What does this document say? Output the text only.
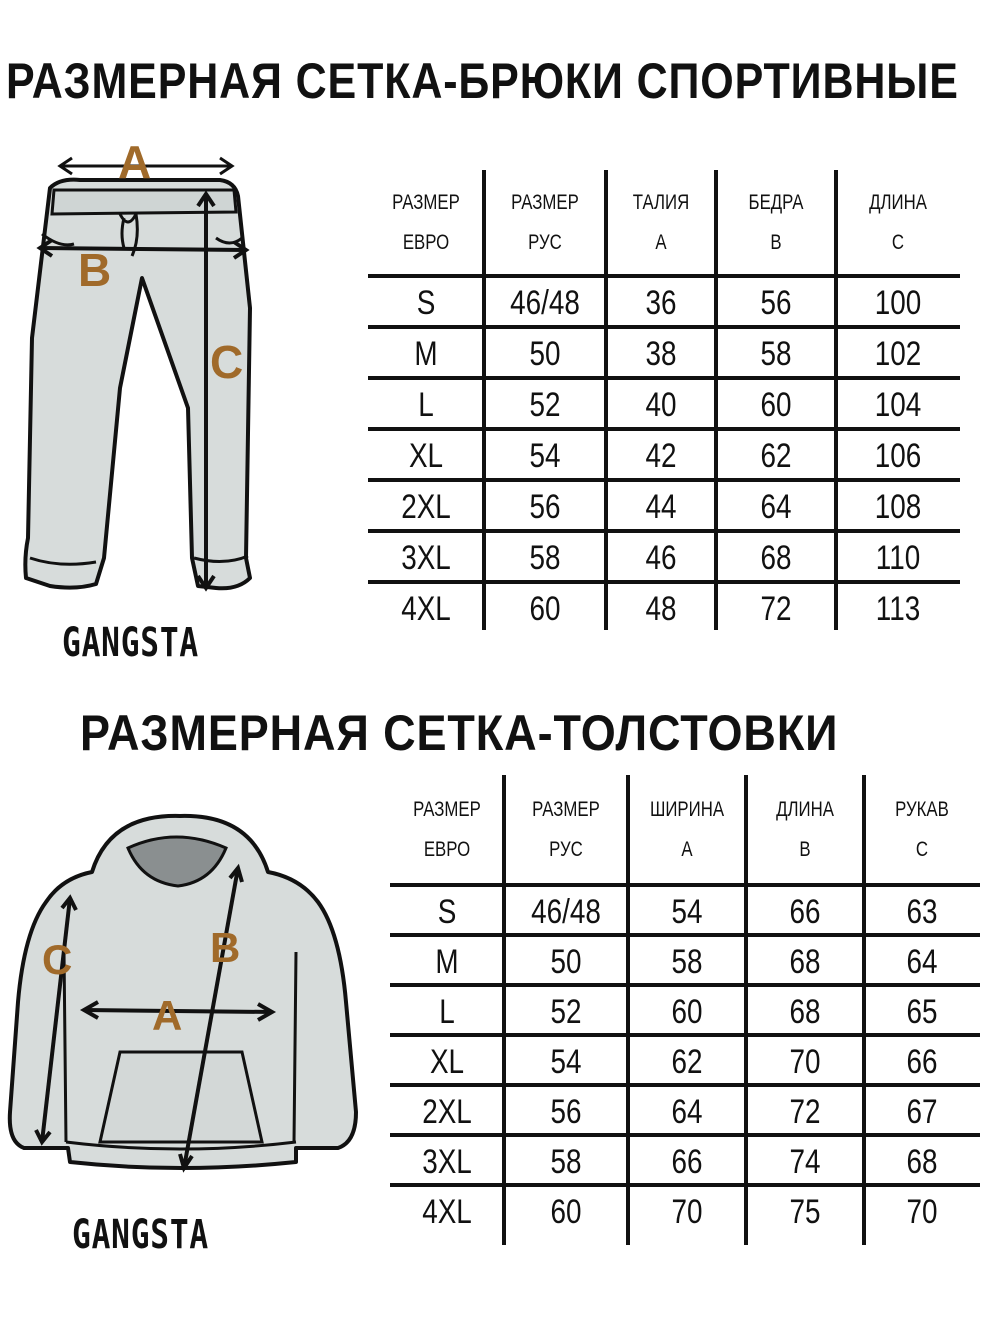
РАЗМЕРНАЯ СЕТКА-БРЮКИ СПОРТИВНЫЕ
A
B
C
GANGSTA
РАЗМЕР
ЕВРО
РАЗМЕР
РУС
ТАЛИЯ
A
БЕДРА
B
ДЛИНА
C
S	46/48	36	56	100
M	50	38	58	102
L	52	40	60	104
XL	54	42	62	106
2XL	56	44	64	108
3XL	58	46	68	110
4XL	60	48	72	113
РАЗМЕРНАЯ СЕТКА-ТОЛСТОВКИ
A
B
C
GANGSTA
РАЗМЕР
ЕВРО
РАЗМЕР
РУС
ШИРИНА
A
ДЛИНА
B
РУКАВ
C
S	46/48	54	66	63
M	50	58	68	64
L	52	60	68	65
XL	54	62	70	66
2XL	56	64	72	67
3XL	58	66	74	68
4XL	60	70	75	70
